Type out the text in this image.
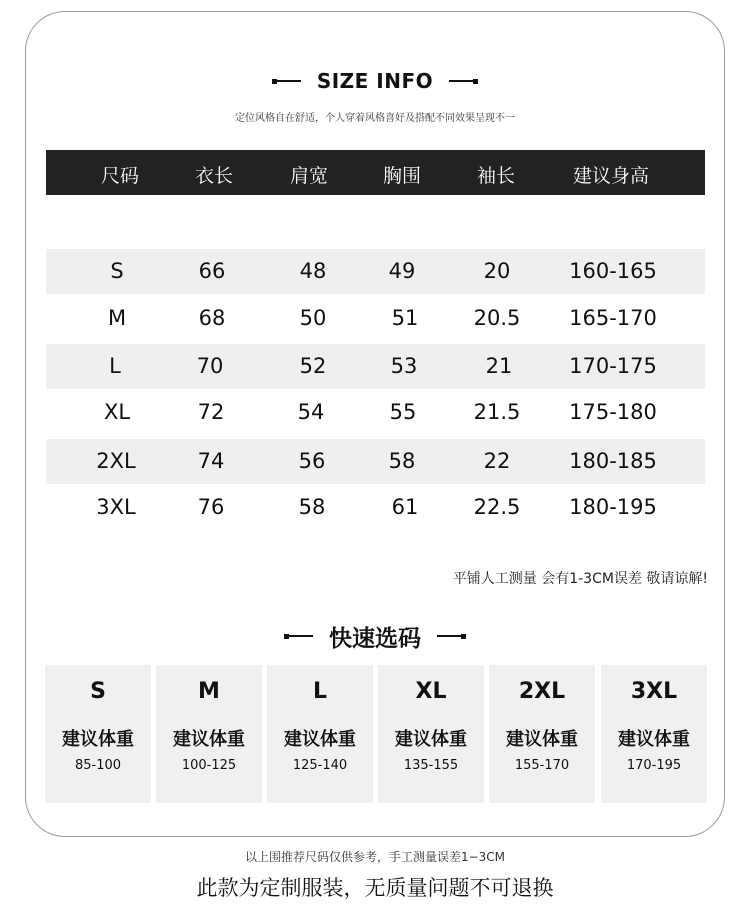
SIZE INFO
定位风格自在舒适，个人穿着风格喜好及搭配不同效果呈现不一
尺码	衣长	肩宽	胸围	袖长	建议身高
S	66	48	49	20	160-165
M	68	50	51	20.5	165-170
L	70	52	53	21	170-175
XL	72	54	55	21.5	175-180
2XL	74	56	58	22	180-185
3XL	76	58	61	22.5	180-195
平铺人工测量 会有1-3CM误差 敬请谅解!
快速选码
S
建议体重
85-100
M
建议体重
100-125
L
建议体重
125-140
XL
建议体重
135-155
2XL
建议体重
155-170
3XL
建议体重
170-195
以上围推荐尺码仅供参考，手工测量误差1−3CM
此款为定制服装，无质量问题不可退换
